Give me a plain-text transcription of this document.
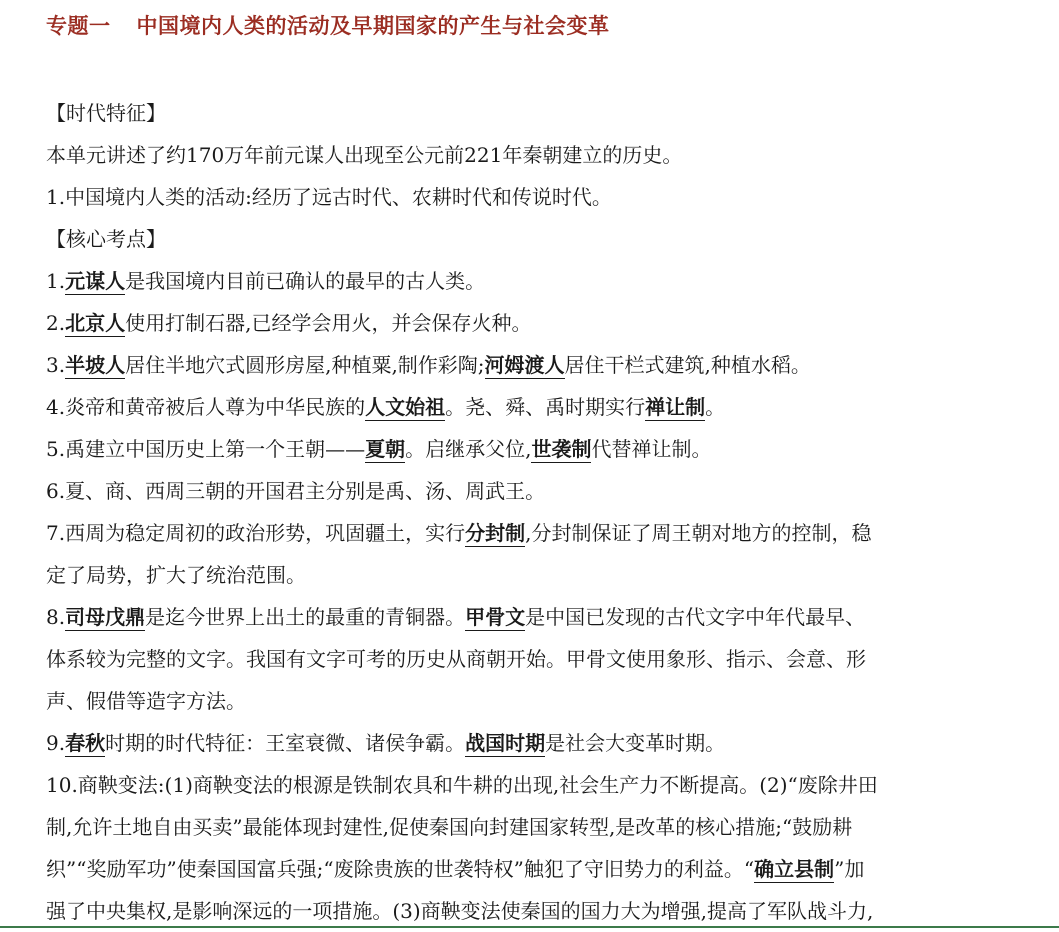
专题一 中国境内人类的活动及早期国家的产生与社会变革
【时代特征】
本单元讲述了约170万年前元谋人出现至公元前221年秦朝建立的历史。
1.中国境内人类的活动:经历了远古时代、农耕时代和传说时代。
【核心考点】
1.元谋人是我国境内目前已确认的最早的古人类。
2.北京人使用打制石器,已经学会用火，并会保存火种。
3.半坡人居住半地穴式圆形房屋,种植粟,制作彩陶;河姆渡人居住干栏式建筑,种植水稻。
4.炎帝和黄帝被后人尊为中华民族的人文始祖。尧、舜、禹时期实行禅让制。
5.禹建立中国历史上第一个王朝——夏朝。启继承父位,世袭制代替禅让制。
6.夏、商、西周三朝的开国君主分别是禹、汤、周武王。
7.西周为稳定周初的政治形势，巩固疆土，实行分封制,分封制保证了周王朝对地方的控制，稳
定了局势，扩大了统治范围。
8.司母戊鼎是迄今世界上出土的最重的青铜器。甲骨文是中国已发现的古代文字中年代最早、
体系较为完整的文字。我国有文字可考的历史从商朝开始。甲骨文使用象形、指示、会意、形
声、假借等造字方法。
9.春秋时期的时代特征：王室衰微、诸侯争霸。战国时期是社会大变革时期。
10.商鞅变法:(1)商鞅变法的根源是铁制农具和牛耕的出现,社会生产力不断提高。(2)“废除井田
制,允许土地自由买卖”最能体现封建性,促使秦国向封建国家转型,是改革的核心措施;“鼓励耕
织”“奖励军功”使秦国国富兵强;“废除贵族的世袭特权”触犯了守旧势力的利益。“确立县制”加
强了中央集权,是影响深远的一项措施。(3)商鞅变法使秦国的国力大为增强,提高了军队战斗力,
